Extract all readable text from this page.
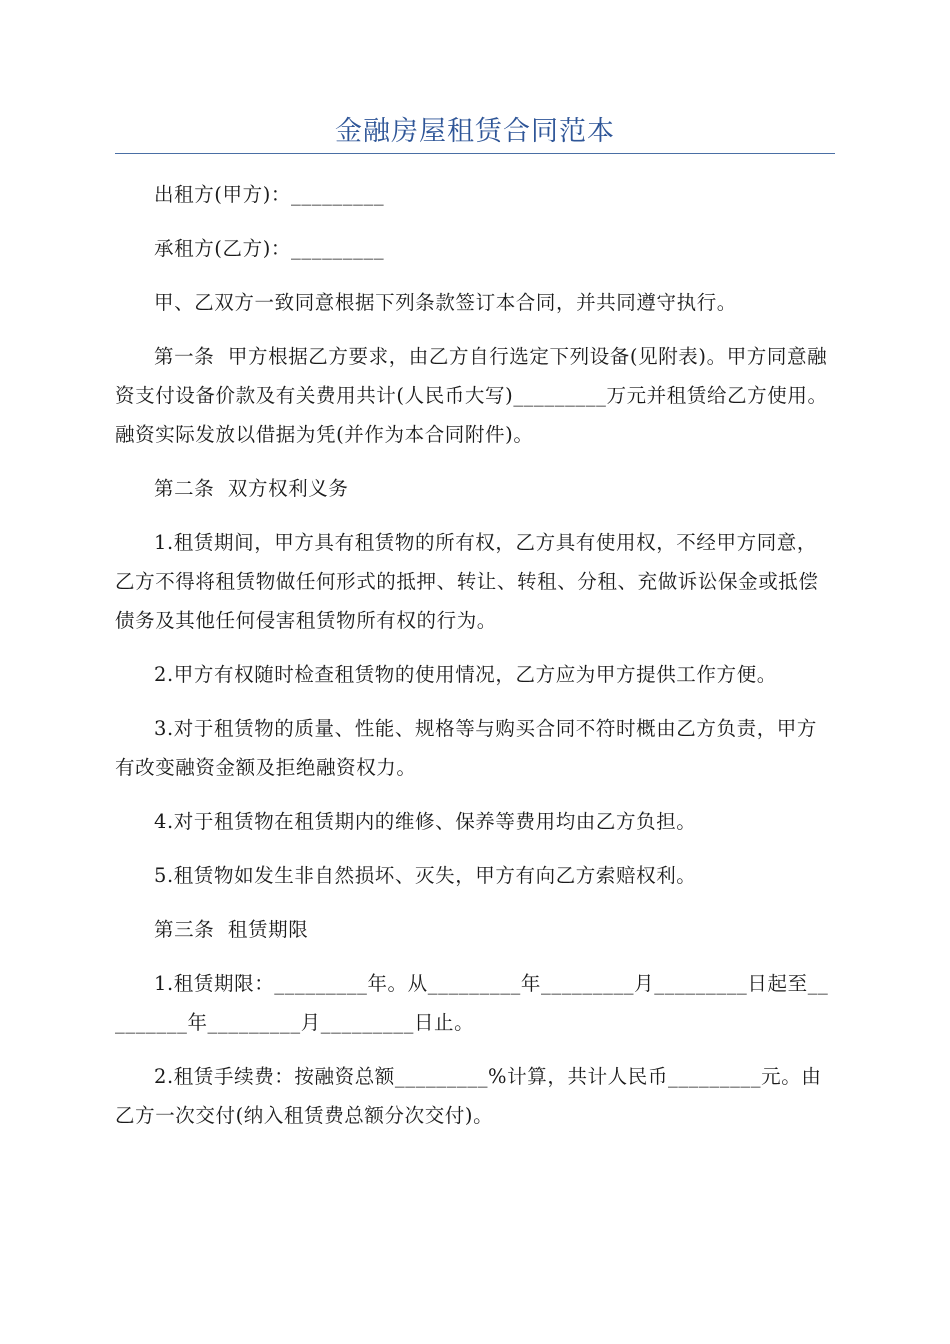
金融房屋租赁合同范本

出租方(甲方)：_________

承租方(乙方)：_________

甲、乙双方一致同意根据下列条款签订本合同，并共同遵守执行。

第一条  甲方根据乙方要求，由乙方自行选定下列设备(见附表)。甲方同意融资支付设备价款及有关费用共计(人民币大写)_________万元并租赁给乙方使用。融资实际发放以借据为凭(并作为本合同附件)。

第二条  双方权利义务

1.租赁期间，甲方具有租赁物的所有权，乙方具有使用权，不经甲方同意，乙方不得将租赁物做任何形式的抵押、转让、转租、分租、充做诉讼保金或抵偿债务及其他任何侵害租赁物所有权的行为。

2.甲方有权随时检查租赁物的使用情况，乙方应为甲方提供工作方便。

3.对于租赁物的质量、性能、规格等与购买合同不符时概由乙方负责，甲方有改变融资金额及拒绝融资权力。

4.对于租赁物在租赁期内的维修、保养等费用均由乙方负担。

5.租赁物如发生非自然损坏、灭失，甲方有向乙方索赔权利。

第三条  租赁期限

1.租赁期限：_________年。从_________年_________月_________日起至_________年_________月_________日止。

2.租赁手续费：按融资总额_________%计算，共计人民币_________元。由乙方一次交付(纳入租赁费总额分次交付)。
